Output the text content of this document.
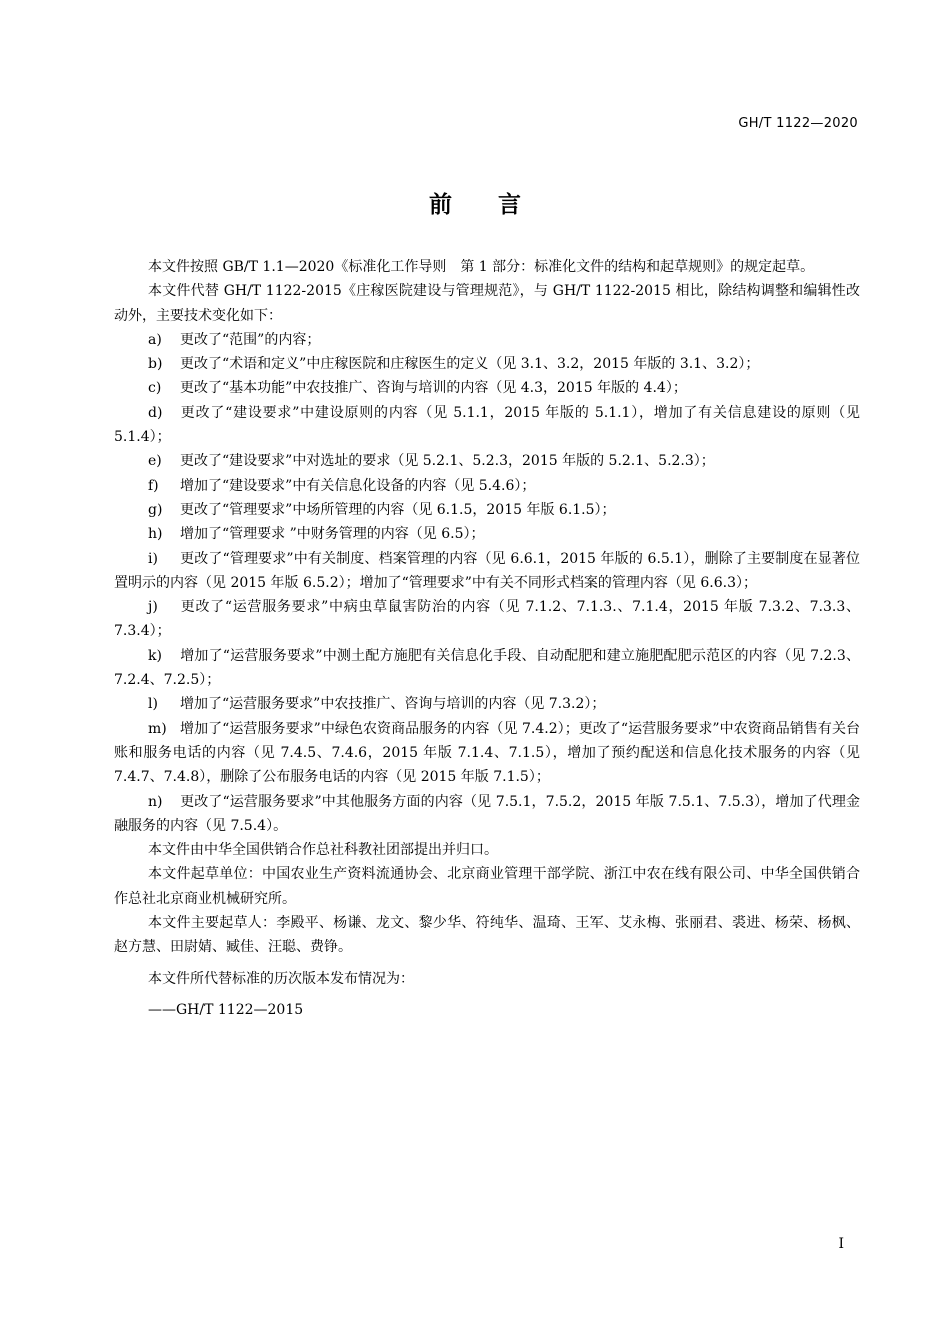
GH/T 1122—2020
前言

本文件按照 GB/T 1.1—2020《标准化工作导则　第 1 部分：标准化文件的结构和起草规则》的规定起草。

本文件代替 GH/T 1122-2015《庄稼医院建设与管理规范》，与 GH/T 1122-2015 相比，除结构调整和编辑性改动外，主要技术变化如下：

a) 更改了“范围”的内容；

b) 更改了“术语和定义”中庄稼医院和庄稼医生的定义（见 3.1、3.2，2015 年版的 3.1、3.2）；

c) 更改了“基本功能”中农技推广、咨询与培训的内容（见 4.3，2015 年版的 4.4）；

d) 更改了“建设要求”中建设原则的内容（见 5.1.1，2015 年版的 5.1.1），增加了有关信息建设的原则（见 5.1.4）；

e) 更改了“建设要求”中对选址的要求（见 5.2.1、5.2.3，2015 年版的 5.2.1、5.2.3）；

f) 增加了“建设要求”中有关信息化设备的内容（见 5.4.6）；

g) 更改了“管理要求”中场所管理的内容（见 6.1.5，2015 年版 6.1.5）；

h) 增加了“管理要求 ”中财务管理的内容（见 6.5）；

i) 更改了“管理要求”中有关制度、档案管理的内容（见 6.6.1，2015 年版的 6.5.1），删除了主要制度在显著位置明示的内容（见 2015 年版 6.5.2）；增加了“管理要求”中有关不同形式档案的管理内容（见 6.6.3）；

j) 更改了“运营服务要求”中病虫草鼠害防治的内容（见 7.1.2、7.1.3.、7.1.4，2015 年版 7.3.2、7.3.3、7.3.4）；

k) 增加了“运营服务要求”中测土配方施肥有关信息化手段、自动配肥和建立施肥配肥示范区的内容（见 7.2.3、7.2.4、7.2.5）；

l) 增加了“运营服务要求”中农技推广、咨询与培训的内容（见 7.3.2）；

m) 增加了“运营服务要求”中绿色农资商品服务的内容（见 7.4.2）；更改了“运营服务要求”中农资商品销售有关台账和服务电话的内容（见 7.4.5、7.4.6，2015 年版 7.1.4、7.1.5），增加了预约配送和信息化技术服务的内容（见 7.4.7、7.4.8），删除了公布服务电话的内容（见 2015 年版 7.1.5）；

n) 更改了“运营服务要求”中其他服务方面的内容（见 7.5.1，7.5.2，2015 年版 7.5.1、7.5.3），增加了代理金融服务的内容（见 7.5.4）。

本文件由中华全国供销合作总社科教社团部提出并归口。

本文件起草单位：中国农业生产资料流通协会、北京商业管理干部学院、浙江中农在线有限公司、中华全国供销合作总社北京商业机械研究所。

本文件主要起草人：李殿平、杨谦、龙文、黎少华、符纯华、温琦、王军、艾永梅、张丽君、裘进、杨荣、杨枫、赵方慧、田尉婧、臧佳、汪聪、费铮。

本文件所代替标准的历次版本发布情况为：

——GH/T 1122—2015

I
